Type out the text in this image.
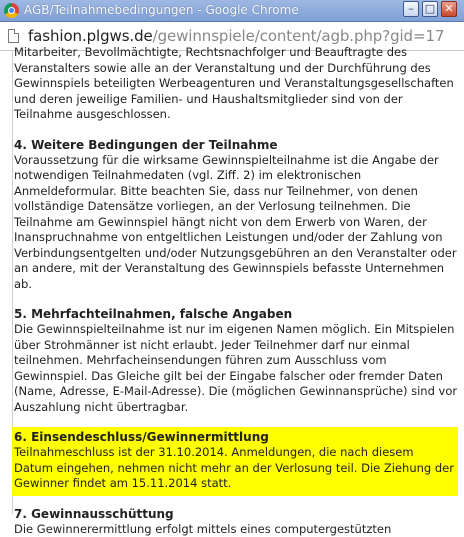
AGB/Teilnahmebedingungen - Google Chrome	–	□ ✕
fashion.plgws.de/gewinnspiele/content/agb.php?gid=17

Mitarbeiter, Bevollmächtigte, Rechtsnachfolger und Beauftragte des Veranstalters sowie alle an der Veranstaltung und der Durchführung des Gewinnspiels beteiligten Werbeagenturen und Veranstaltungsgesellschaften und deren jeweilige Familien- und Haushaltsmitglieder sind von der Teilnahme ausgeschlossen.

4. Weitere Bedingungen der Teilnahme

Voraussetzung für die wirksame Gewinnspielteilnahme ist die Angabe der notwendigen Teilnahmedaten (vgl. Ziff. 2) im elektronischen Anmeldeformular. Bitte beachten Sie, dass nur Teilnehmer, von denen vollständige Datensätze vorliegen, an der Verlosung teilnehmen. Die Teilnahme am Gewinnspiel hängt nicht von dem Erwerb von Waren, der Inanspruchnahme von entgeltlichen Leistungen und/oder der Zahlung von Verbindungsentgelten und/oder Nutzungsgebühren an den Veranstalter oder an andere, mit der Veranstaltung des Gewinnspiels befasste Unternehmen ab.

5. Mehrfachteilnahmen, falsche Angaben

Die Gewinnspielteilnahme ist nur im eigenen Namen möglich. Ein Mitspielen über Strohmänner ist nicht erlaubt. Jeder Teilnehmer darf nur einmal teilnehmen. Mehrfacheinsendungen führen zum Ausschluss vom Gewinnspiel. Das Gleiche gilt bei der Eingabe falscher oder fremder Daten (Name, Adresse, E-Mail-Adresse). Die (möglichen Gewinnansprüche) sind vor Auszahlung nicht übertragbar.

6. Einsendeschluss/Gewinnermittlung

Teilnahmeschluss ist der 31.10.2014. Anmeldungen, die nach diesem Datum eingehen, nehmen nicht mehr an der Verlosung teil. Die Ziehung der Gewinner findet am 15.11.2014 statt.

7. Gewinnausschüttung

Die Gewinnerermittlung erfolgt mittels eines computergestützten
